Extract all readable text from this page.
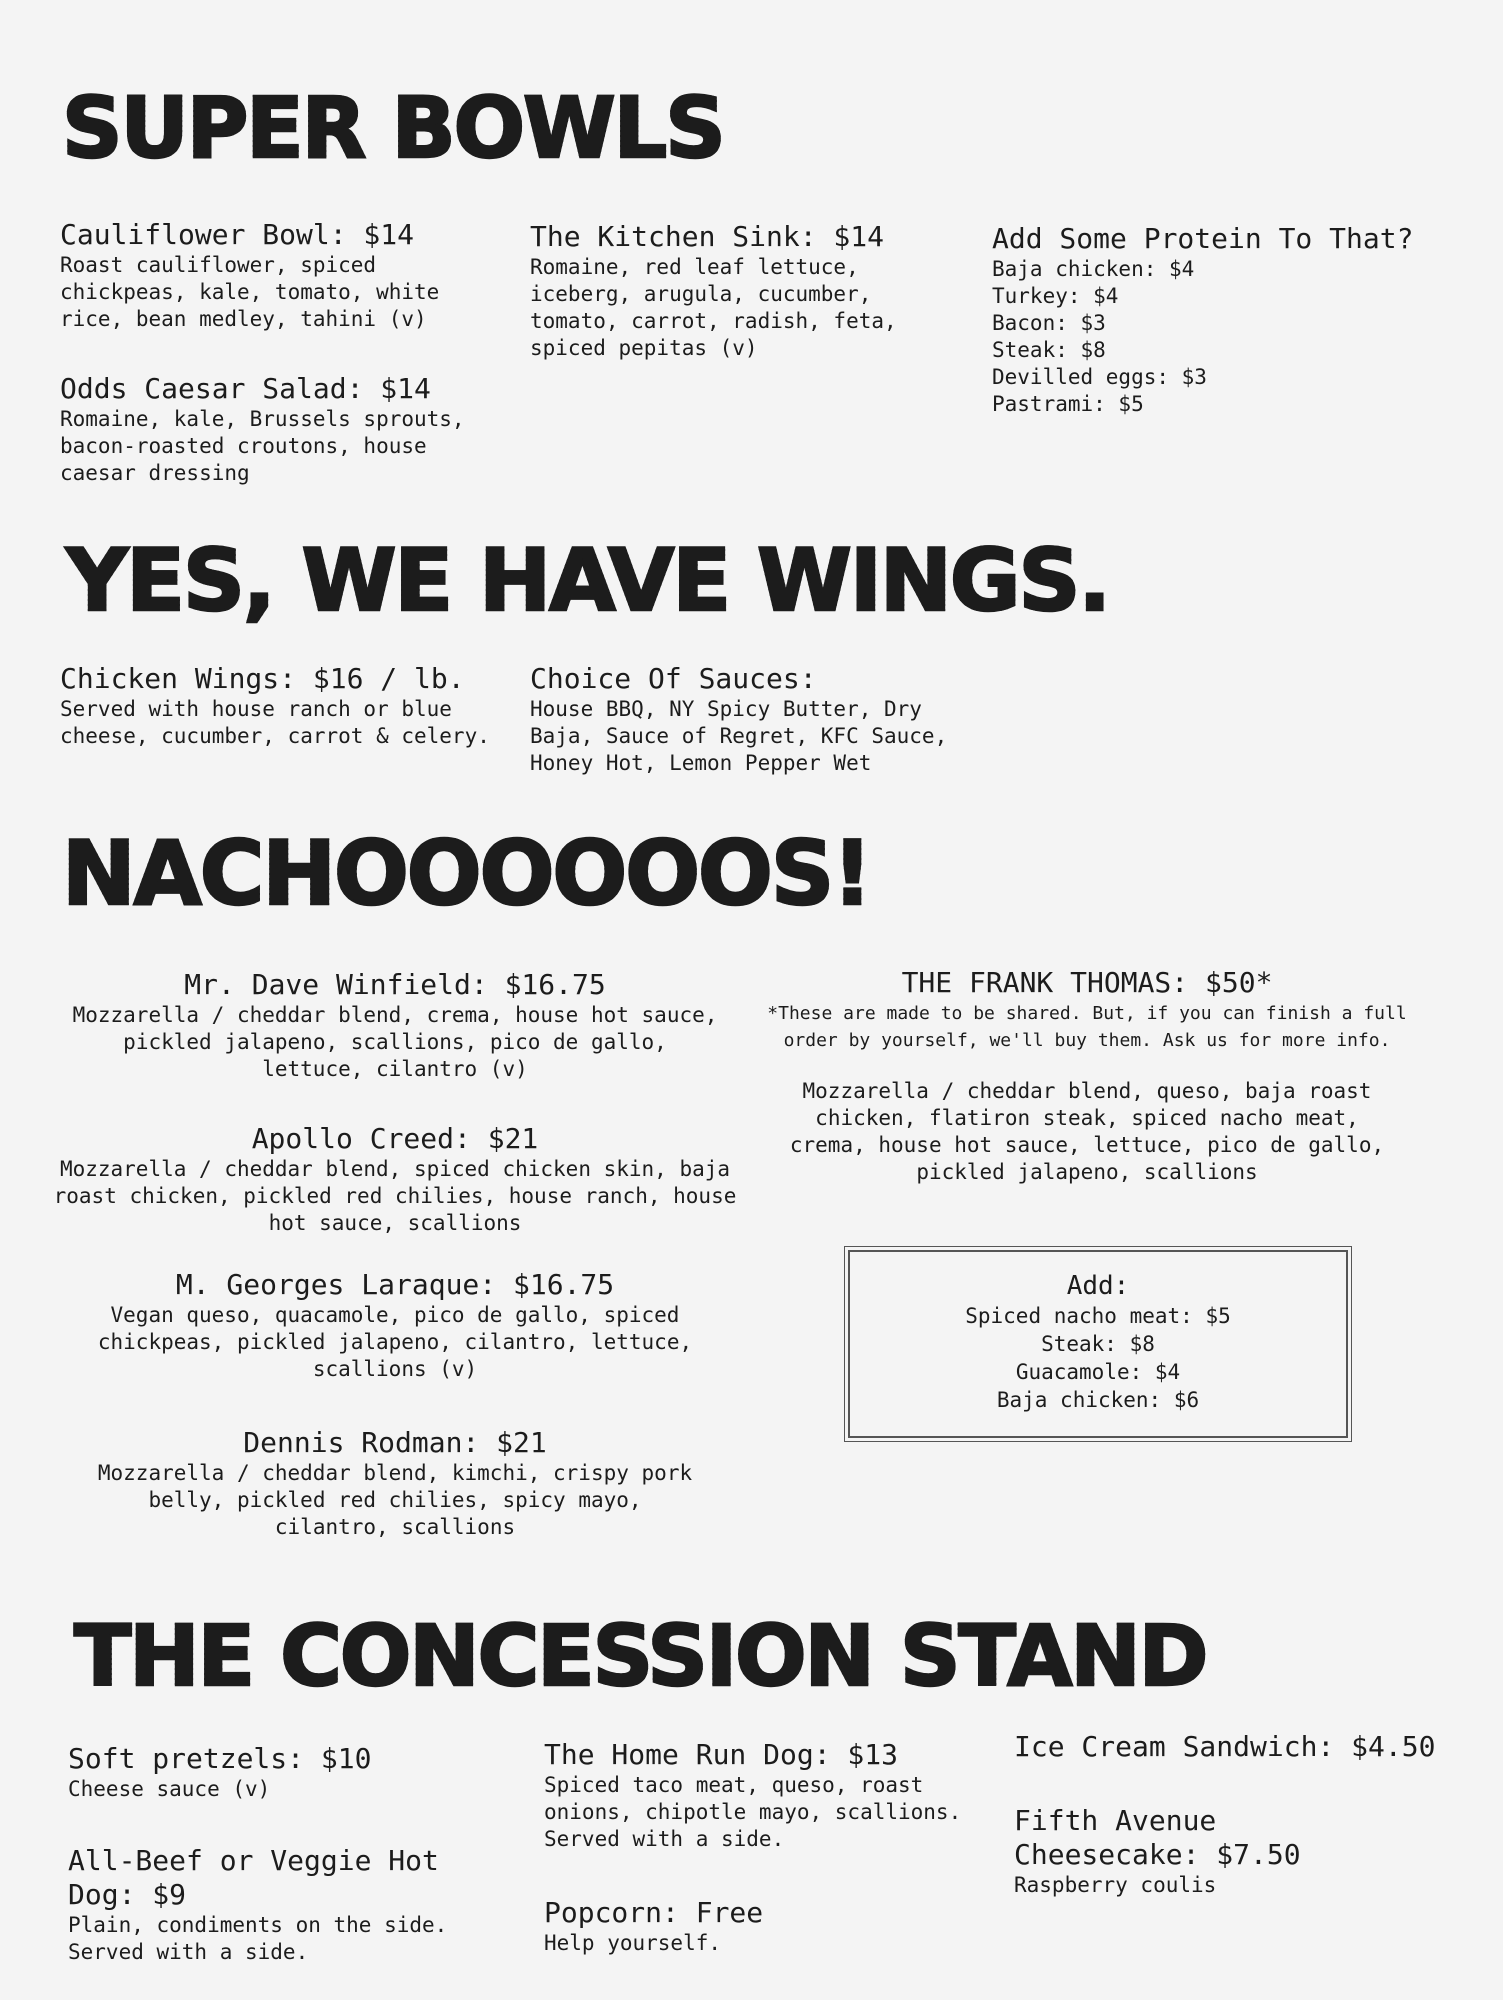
SUPER BOWLS
Cauliflower Bowl: $14
Roast cauliflower, spiced chickpeas, kale, tomato, white rice, bean medley, tahini (v)
Odds Caesar Salad: $14
Romaine, kale, Brussels sprouts, bacon-roasted croutons, house caesar dressing
The Kitchen Sink: $14
Romaine, red leaf lettuce, iceberg, arugula, cucumber, tomato, carrot, radish, feta, spiced pepitas (v)
Add Some Protein To That?
Baja chicken: $4
Turkey: $4
Bacon: $3
Steak: $8
Devilled eggs: $3
Pastrami: $5
YES, WE HAVE WINGS.
Chicken Wings: $16 / lb.
Served with house ranch or blue cheese, cucumber, carrot & celery.
Choice Of Sauces:
House BBQ, NY Spicy Butter, Dry Baja, Sauce of Regret, KFC Sauce, Honey Hot, Lemon Pepper Wet
NACHOOOOOOS!
Mr. Dave Winfield: $16.75
Mozzarella / cheddar blend, crema, house hot sauce, pickled jalapeno, scallions, pico de gallo, lettuce, cilantro (v)
Apollo Creed: $21
Mozzarella / cheddar blend, spiced chicken skin, baja roast chicken, pickled red chilies, house ranch, house hot sauce, scallions
M. Georges Laraque: $16.75
Vegan queso, quacamole, pico de gallo, spiced chickpeas, pickled jalapeno, cilantro, lettuce, scallions (v)
Dennis Rodman: $21
Mozzarella / cheddar blend, kimchi, crispy pork belly, pickled red chilies, spicy mayo, cilantro, scallions
THE FRANK THOMAS: $50*
*These are made to be shared. But, if you can finish a full order by yourself, we'll buy them. Ask us for more info.
Mozzarella / cheddar blend, queso, baja roast chicken, flatiron steak, spiced nacho meat, crema, house hot sauce, lettuce, pico de gallo, pickled jalapeno, scallions
Add:
Spiced nacho meat: $5
Steak: $8
Guacamole: $4
Baja chicken: $6
THE CONCESSION STAND
Soft pretzels: $10
Cheese sauce (v)
All-Beef or Veggie Hot Dog: $9
Plain, condiments on the side. Served with a side.
The Home Run Dog: $13
Spiced taco meat, queso, roast onions, chipotle mayo, scallions. Served with a side.
Popcorn: Free
Help yourself.
Ice Cream Sandwich: $4.50
Fifth Avenue Cheesecake: $7.50
Raspberry coulis
